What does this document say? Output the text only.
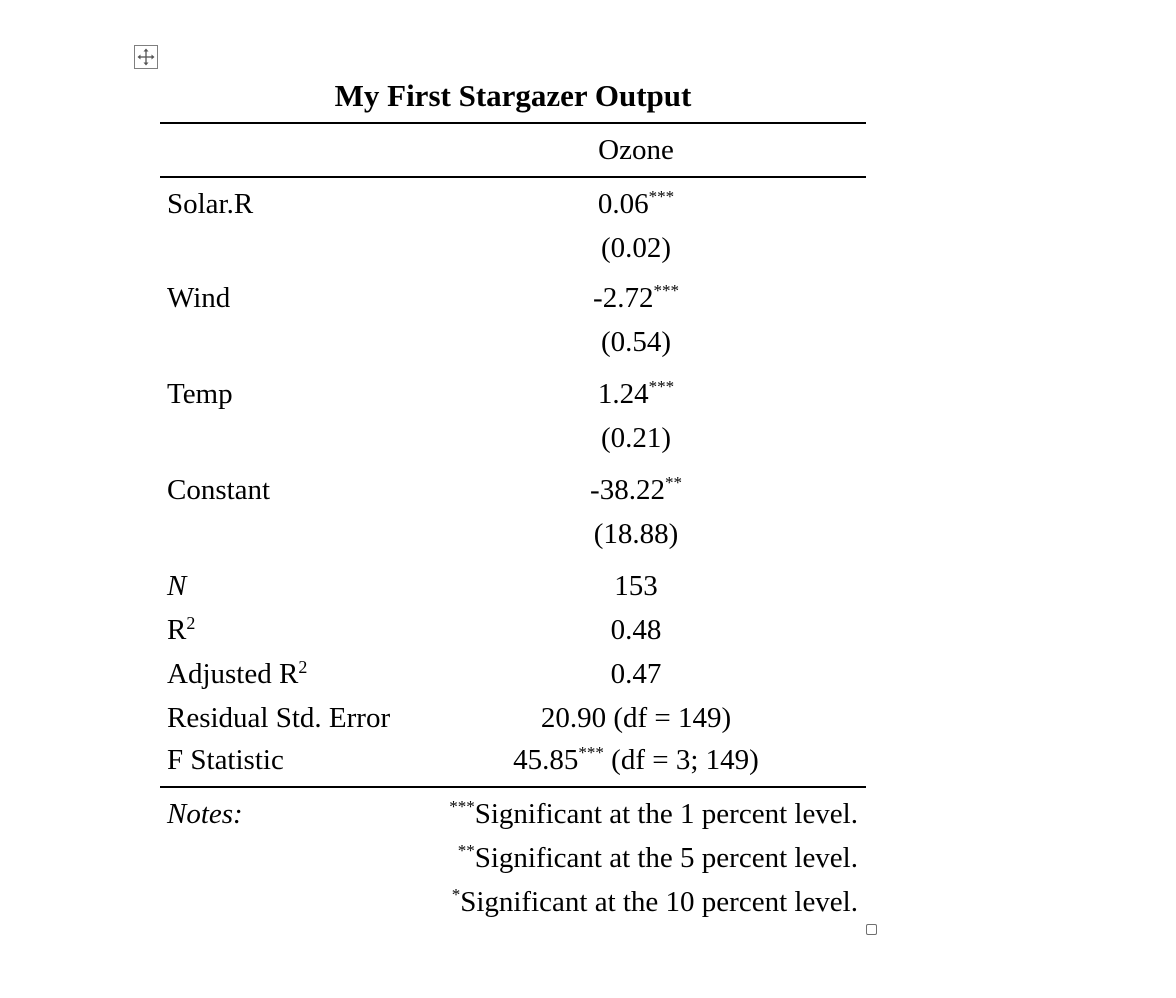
My First Stargazer Output
Ozone
Solar.R	0.06***
(0.02)
Wind	-2.72***
(0.54)
Temp	1.24***
(0.21)
Constant	-38.22**
(18.88)
N	153
$R^2$	0.48
Adjusted $R^2$	0.47
Residual Std. Error	20.90 (df = 149)
F Statistic	45.85*** (df = 3; 149)
Notes:	***Significant at the 1 percent level.
**Significant at the 5 percent level.
*Significant at the 10 percent level.
